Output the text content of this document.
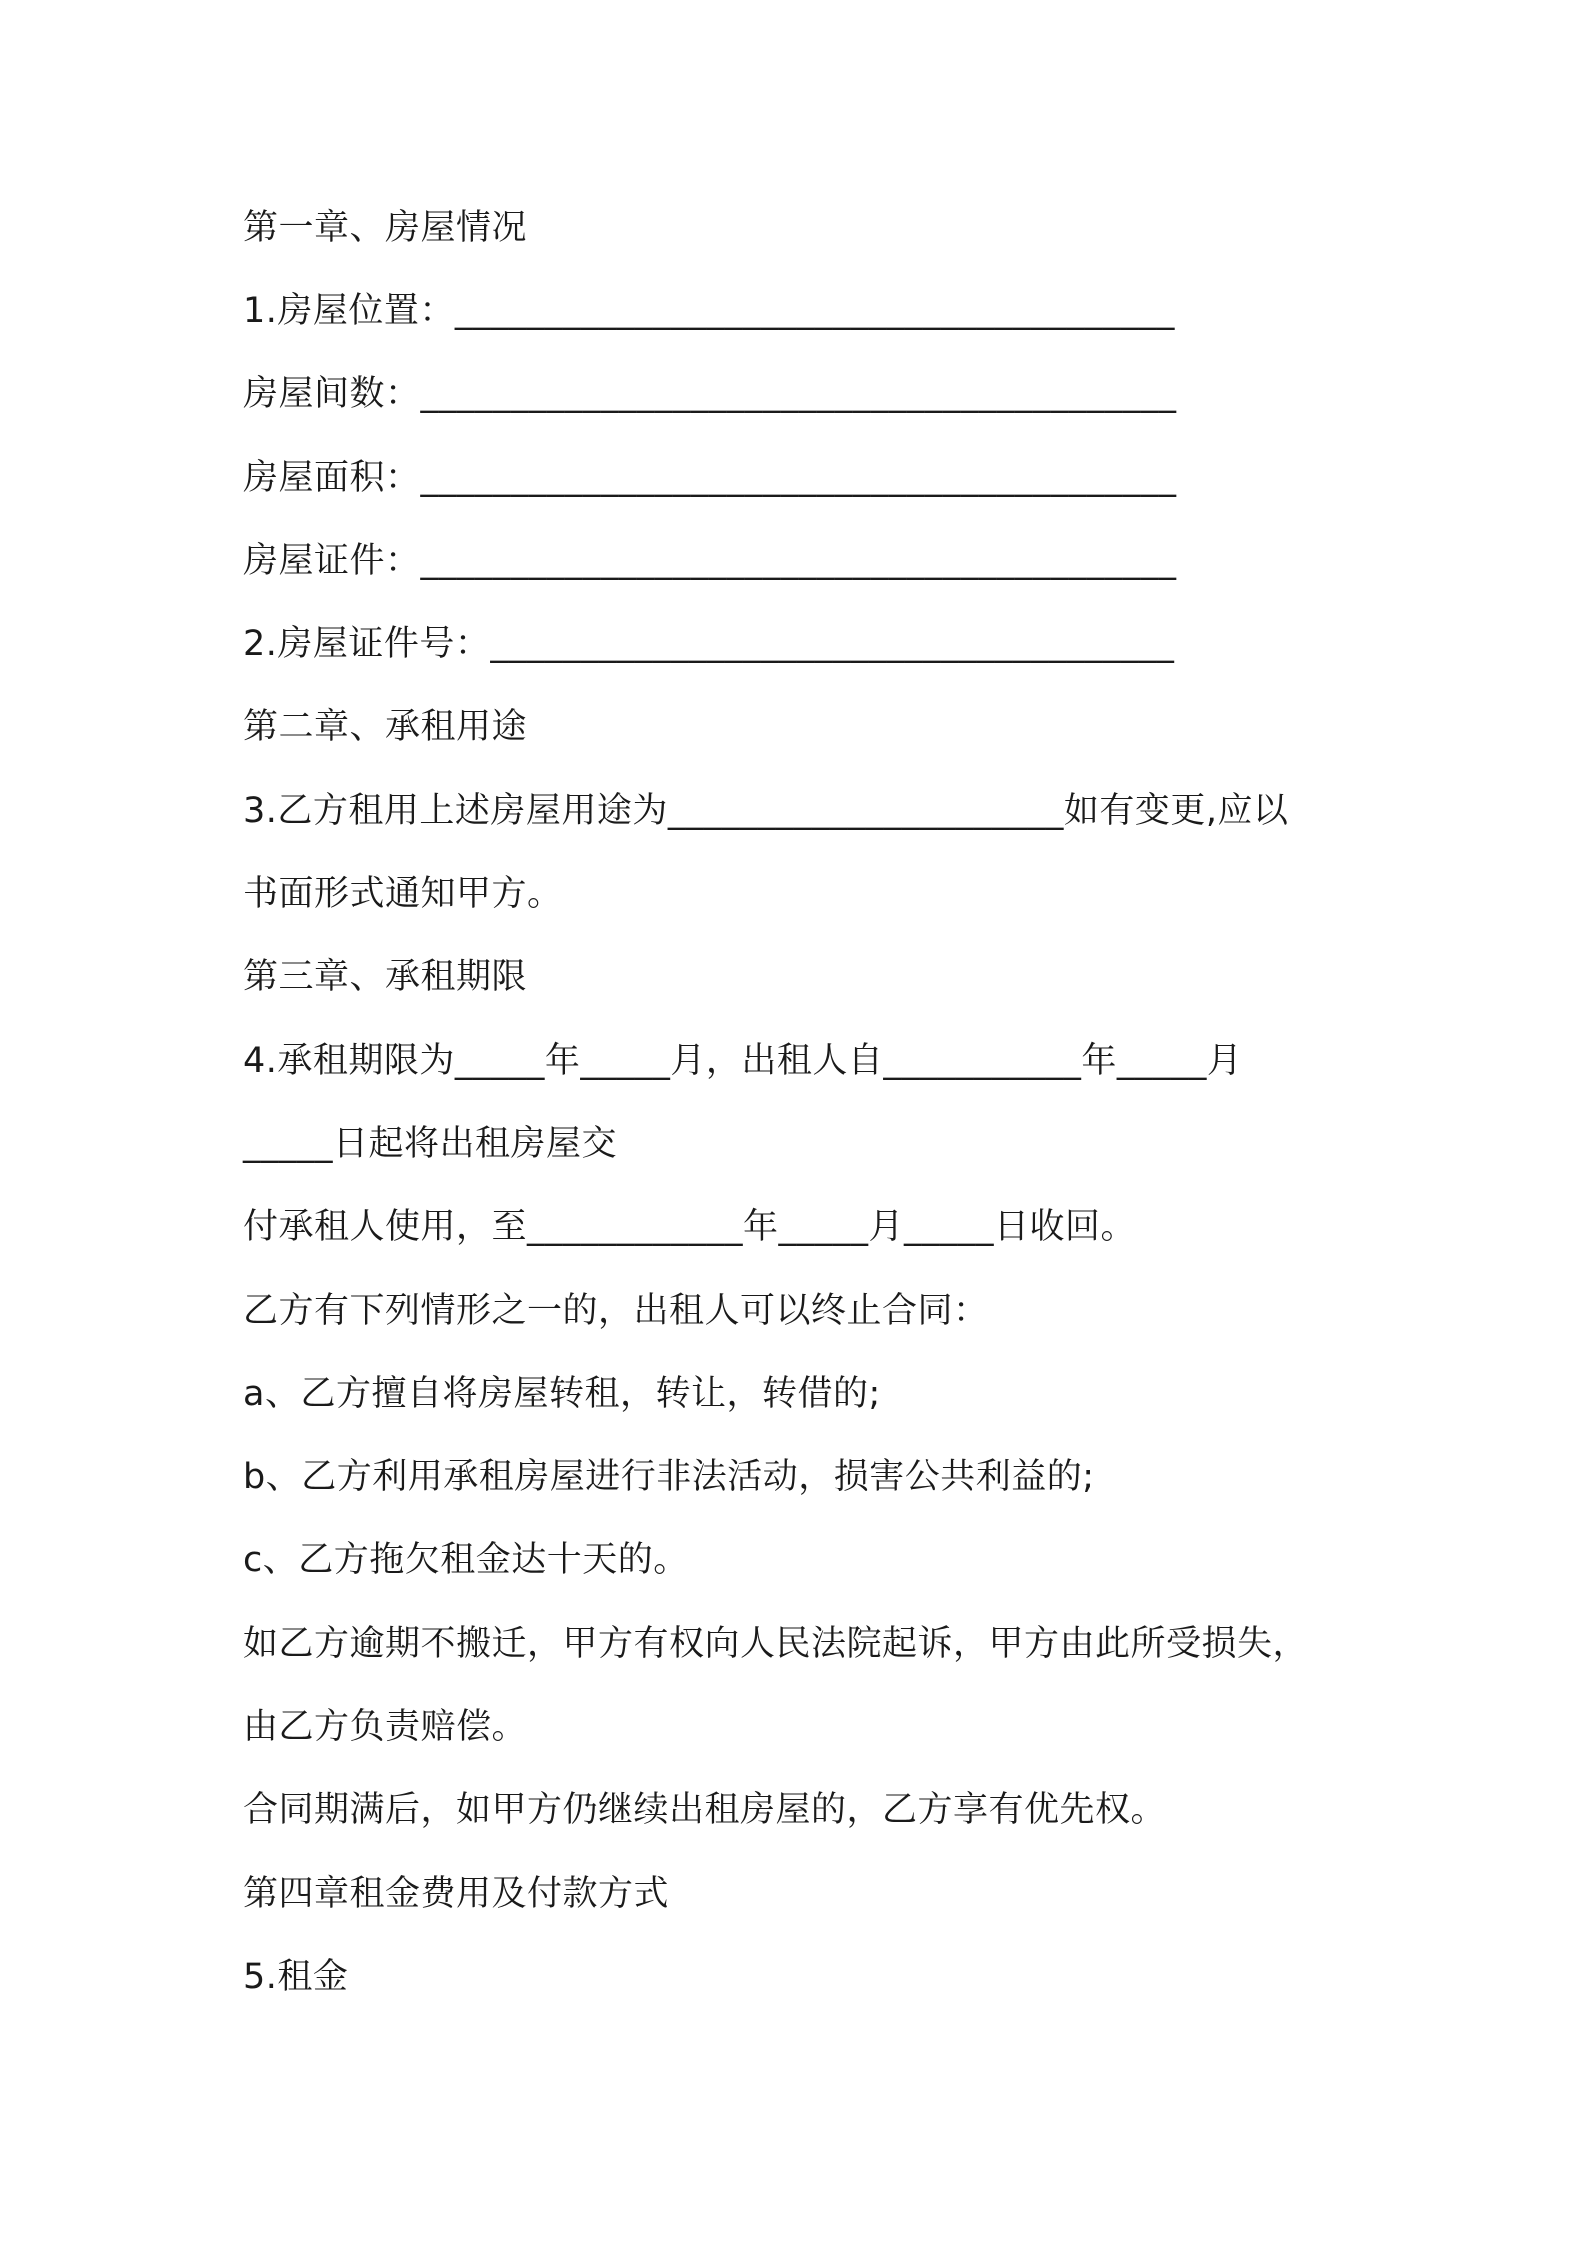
第一章、房屋情况
1.房屋位置：________________________________________
房屋间数：__________________________________________
房屋面积：__________________________________________
房屋证件：__________________________________________
2.房屋证件号：______________________________________
第二章、承租用途
3.乙方租用上述房屋用途为______________________如有变更,应以
书面形式通知甲方。
第三章、承租期限
4.承租期限为_____年_____月，出租人自___________年_____月
_____日起将出租房屋交
付承租人使用，至____________年_____月_____日收回。
乙方有下列情形之一的，出租人可以终止合同：
a、乙方擅自将房屋转租，转让，转借的;
b、乙方利用承租房屋进行非法活动，损害公共利益的;
c、乙方拖欠租金达十天的。
如乙方逾期不搬迁，甲方有权向人民法院起诉，甲方由此所受损失，
由乙方负责赔偿。
合同期满后，如甲方仍继续出租房屋的，乙方享有优先权。
第四章租金费用及付款方式
5.租金
